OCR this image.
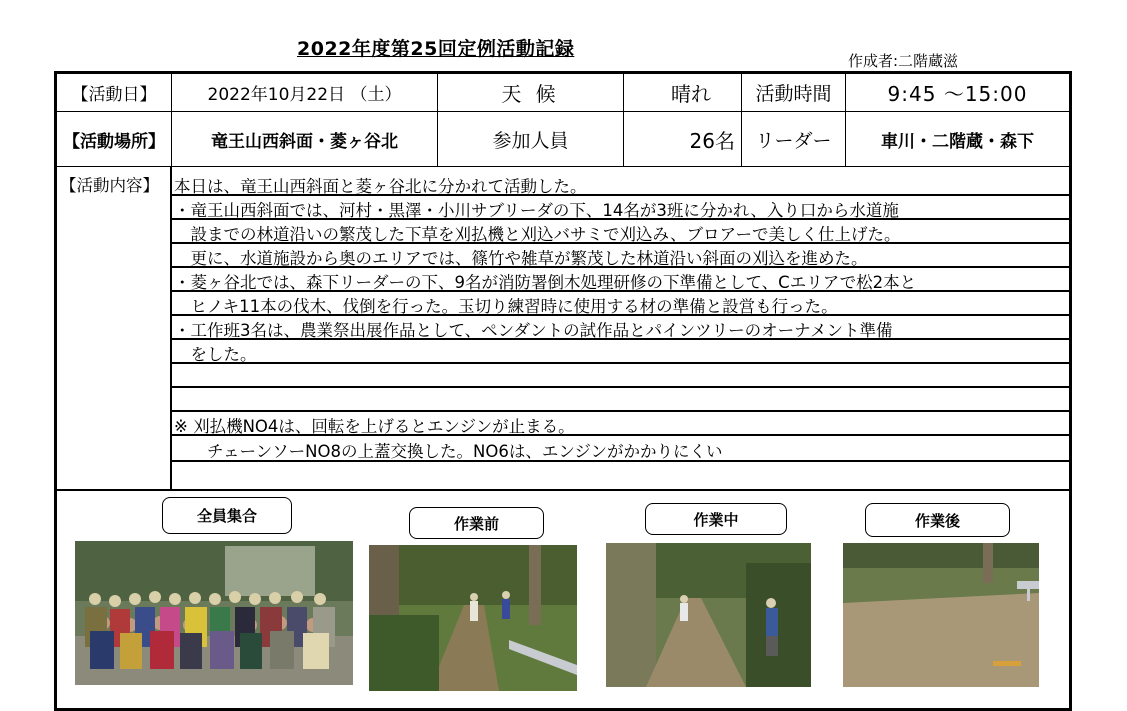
2022年度第25回定例活動記録
作成者:二階蔵滋
【活動日】	2022年10月22日 （土）	天 候	晴れ	活動時間	9:45 ～15:00
【活動場所】	竜王山西斜面・菱ヶ谷北	参加人員	26名	リーダー	車川・二階蔵・森下
【活動内容】 本日は、竜王山西斜面と菱ヶ谷北に分かれて活動した。
・竜王山西斜面では、河村・黒澤・小川サブリーダの下、14名が3班に分かれ、入り口から水道施
　設までの林道沿いの繁茂した下草を刈払機と刈込バサミで刈込み、ブロアーで美しく仕上げた。
　更に、水道施設から奥のエリアでは、篠竹や雑草が繁茂した林道沿い斜面の刈込を進めた。
・菱ヶ谷北では、森下リーダーの下、9名が消防署倒木処理研修の下準備として、Cエリアで松2本と
　ヒノキ11本の伐木、伐倒を行った。玉切り練習時に使用する材の準備と設営も行った。
・工作班3名は、農業祭出展作品として、ペンダントの試作品とパインツリーのオーナメント準備
　をした。
※ 刈払機NO4は、回転を上げるとエンジンが止まる。
　　チェーンソーNO8の上蓋交換した。NO6は、エンジンがかかりにくい
全員集合	作業前	作業中	作業後
